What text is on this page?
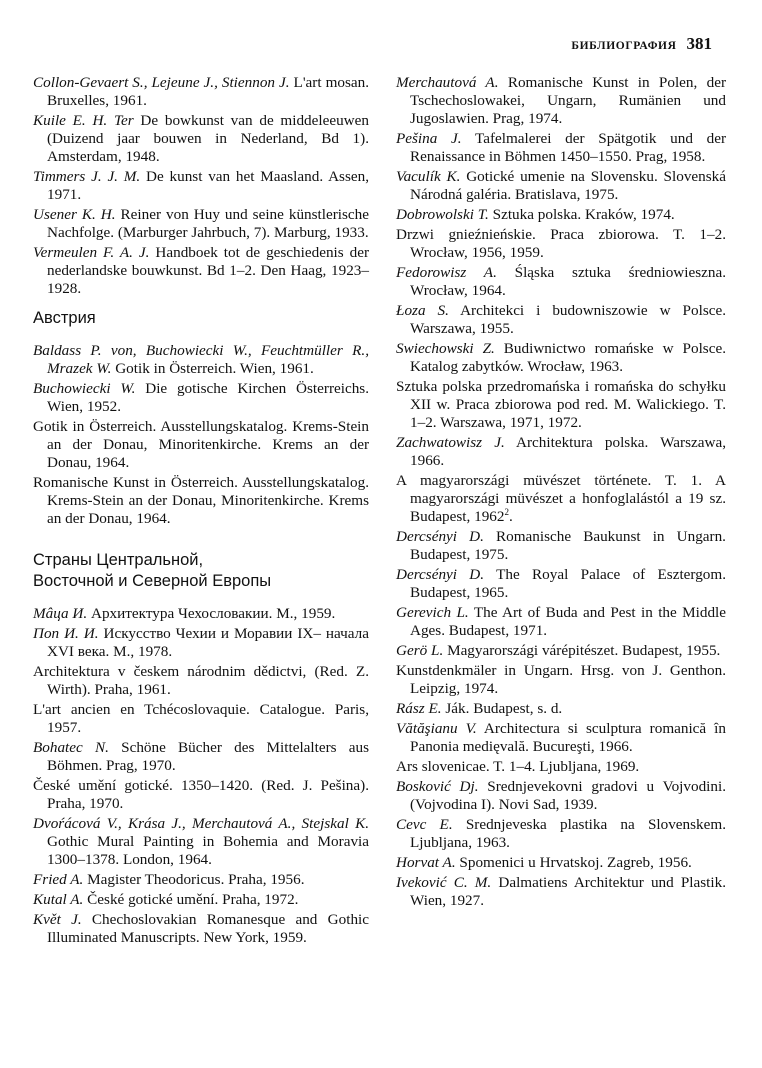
БИБЛИОГРАФИЯ 381
Collon-Gevaert S., Lejeune J., Stiennon J. L'art mosan. Bruxelles, 1961.
Kuile E. H. Ter De bowkunst van de middeleeuwen (Duizend jaar bouwen in Nederland, Bd 1). Amsterdam, 1948.
Timmers J. J. M. De kunst van het Maasland. Assen, 1971.
Usener K. H. Reiner von Huy und seine künstlerische Nachfolge. (Marburger Jahrbuch, 7). Marburg, 1933.
Vermeulen F. A. J. Handboek tot de geschiedenis der nederlandske bouwkunst. Bd 1–2. Den Haag, 1923–1928.
Австрия
Baldass P. von, Buchowiecki W., Feuchtmüller R., Mrazek W. Gotik in Österreich. Wien, 1961.
Buchowiecki W. Die gotische Kirchen Österreichs. Wien, 1952.
Gotik in Österreich. Ausstellungskatalog. Krems-Stein an der Donau, Minoritenkirche. Krems an der Donau, 1964.
Romanische Kunst in Österreich. Ausstellungskatalog. Krems-Stein an der Donau, Minoritenkirche. Krems an der Donau, 1964.
Страны Центральной,
Восточной и Северной Европы
Мâца И. Архитектура Чехословакии. М., 1959.
Поп И. И. Искусство Чехии и Моравии IX– начала XVI века. М., 1978.
Architektura v českem národnim dědictvi, (Red. Z. Wirth). Praha, 1961.
L'art ancien en Tchécoslovaquie. Catalogue. Paris, 1957.
Bohatec N. Schöne Bücher des Mittelalters aus Böhmen. Prag, 1970.
České umění gotické. 1350–1420. (Red. J. Pešina). Praha, 1970.
Dvoŕácová V., Krása J., Merchautová A., Stejskal K. Gothic Mural Painting in Bohemia and Moravia 1300–1378. London, 1964.
Fried A. Magister Theodoricus. Praha, 1956.
Kutal A. České gotické umění. Praha, 1972.
Květ J. Chechoslovakian Romanesque and Gothic Illuminated Manuscripts. New York, 1959.
Merchautová A. Romanische Kunst in Polen, der Tschechoslowakei, Ungarn, Rumänien und Jugoslawien. Prag, 1974.
Pešina J. Tafelmalerei der Spätgotik und der Renaissance in Böhmen 1450–1550. Prag, 1958.
Vaculík K. Gotické umenie na Slovensku. Slovenská Národná galéria. Bratislava, 1975.
Dobrowolski T. Sztuka polska. Kraków, 1974.
Drzwi gnieźnieńskie. Praca zbiorowa. T. 1–2. Wrocław, 1956, 1959.
Fedorowisz A. Śląska sztuka średniowieszna. Wrocław, 1964.
Łoza S. Architekci i budowniszowie w Polsce. Warszawa, 1955.
Swiechowski Z. Budiwnictwo romańske w Polsce. Katalog zabytków. Wrocław, 1963.
Sztuka polska przedromańska i romańska do schyłku XII w. Praca zbiorowa pod red. M. Walickiego. T. 1–2. Warszawa, 1971, 1972.
Zachwatowisz J. Architektura polska. Warszawa, 1966.
A magyarországi müvészet története. T. 1. A magyarországi müvészet a honfoglalástól a 19 sz. Budapest, 1962$^2$.
Dercsényi D. Romanische Baukunst in Ungarn. Budapest, 1975.
Dercsényi D. The Royal Palace of Esztergom. Budapest, 1965.
Gerevich L. The Art of Buda and Pest in the Middle Ages. Budapest, 1971.
Gerö L. Magyarországi várépitészet. Budapest, 1955.
Kunstdenkmäler in Ungarn. Hrsg. von J. Genthon. Leipzig, 1974.
Rász E. Ják. Budapest, s. d.
Vătăşianu V. Architectura si sculptura romanică în Panonia medięvală. Bucureşti, 1966.
Ars slovenicae. T. 1–4. Ljubljana, 1969.
Bosković Dj. Srednjevekovni gradovi u Vojvodini. (Vojvodina I). Novi Sad, 1939.
Cevc E. Srednjeveska plastika na Slovenskem. Ljubljana, 1963.
Horvat A. Spomenici u Hrvatskoj. Zagreb, 1956.
Iveković C. M. Dalmatiens Architektur und Plastik. Wien, 1927.
